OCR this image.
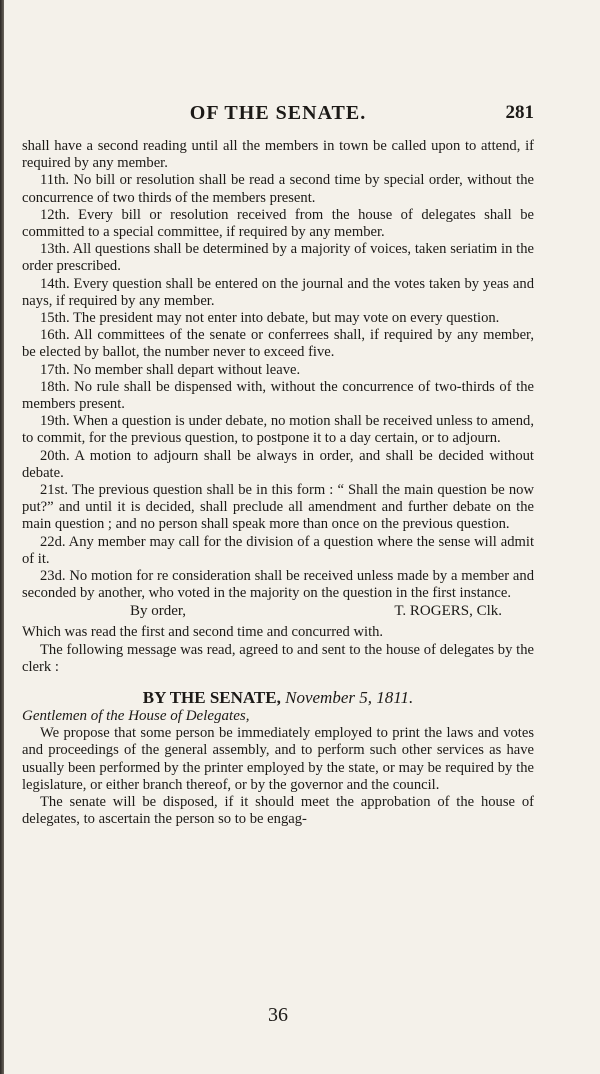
OF THE SENATE.	281

shall have a second reading until all the members in town be called upon to attend, if required by any member.

11th. No bill or resolution shall be read a second time by special order, without the concurrence of two thirds of the members present.

12th. Every bill or resolution received from the house of delegates shall be committed to a special committee, if required by any member.

13th. All questions shall be determined by a majority of voices, taken seriatim in the order prescribed.

14th. Every question shall be entered on the journal and the votes taken by yeas and nays, if required by any member.

15th. The president may not enter into debate, but may vote on every question.

16th. All committees of the senate or conferrees shall, if required by any member, be elected by ballot, the number never to exceed five.

17th. No member shall depart without leave.

18th. No rule shall be dispensed with, without the concurrence of two-thirds of the members present.

19th. When a question is under debate, no motion shall be received unless to amend, to commit, for the previous question, to postpone it to a day certain, or to adjourn.

20th. A motion to adjourn shall be always in order, and shall be decided without debate.

21st. The previous question shall be in this form : “ Shall the main question be now put?” and until it is decided, shall preclude all amendment and further debate on the main question ; and no person shall speak more than once on the previous question.

22d. Any member may call for the division of a question where the sense will admit of it.

23d. No motion for re consideration shall be received unless made by a member and seconded by another, who voted in the majority on the question in the first instance.

By order,	T. ROGERS, Clk.

Which was read the first and second time and concurred with.

The following message was read, agreed to and sent to the house of delegates by the clerk :

BY THE SENATE, November 5, 1811.
Gentlemen of the House of Delegates,

We propose that some person be immediately employed to print the laws and votes and proceedings of the general assembly, and to perform such other services as have usually been performed by the printer employed by the state, or may be required by the legislature, or either branch thereof, or by the governor and the council.

The senate will be disposed, if it should meet the approbation of the house of delegates, to ascertain the person so to be engag-

36
